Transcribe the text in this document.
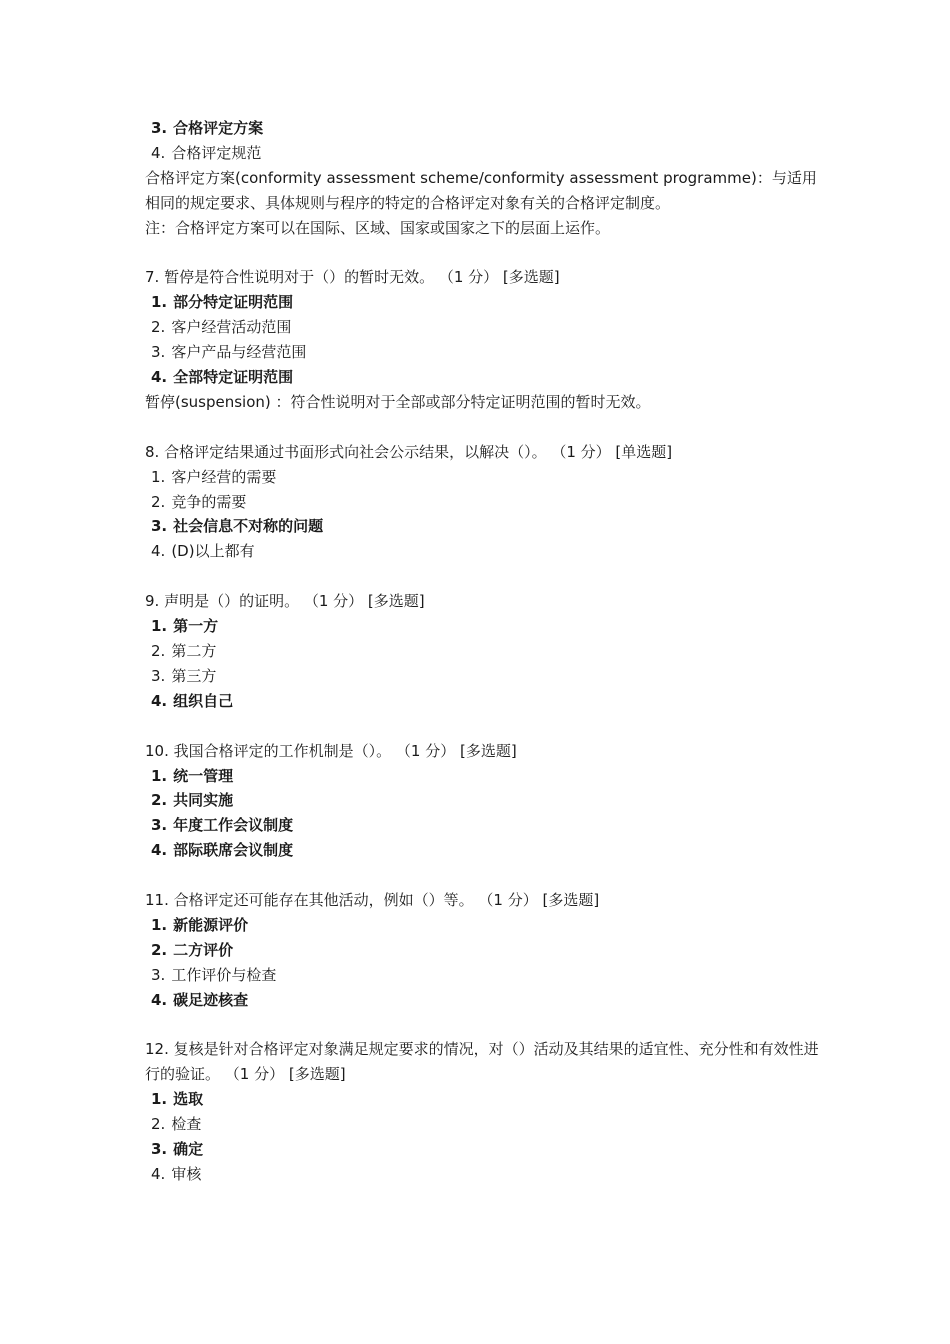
3. 合格评定方案
4. 合格评定规范
合格评定方案(conformity assessment scheme/conformity assessment programme)：与适用相同的规定要求、具体规则与程序的特定的合格评定对象有关的合格评定制度。
注：合格评定方案可以在国际、区域、国家或国家之下的层面上运作。
7. 暂停是符合性说明对于（）的暂时无效。 （1 分） [多选题]
1. 部分特定证明范围
2. 客户经营活动范围
3. 客户产品与经营范围
4. 全部特定证明范围
暂停(suspension) ：符合性说明对于全部或部分特定证明范围的暂时无效。
8. 合格评定结果通过书面形式向社会公示结果，以解决（）。 （1 分） [单选题]
1. 客户经营的需要
2. 竞争的需要
3. 社会信息不对称的问题
4. (D)以上都有
9. 声明是（）的证明。 （1 分） [多选题]
1. 第一方
2. 第二方
3. 第三方
4. 组织自己
10. 我国合格评定的工作机制是（）。 （1 分） [多选题]
1. 统一管理
2. 共同实施
3. 年度工作会议制度
4. 部际联席会议制度
11. 合格评定还可能存在其他活动，例如（）等。 （1 分） [多选题]
1. 新能源评价
2. 二方评价
3. 工作评价与检查
4. 碳足迹核查
12. 复核是针对合格评定对象满足规定要求的情况，对（）活动及其结果的适宜性、充分性和有效性进行的验证。 （1 分） [多选题]
1. 选取
2. 检查
3. 确定
4. 审核
